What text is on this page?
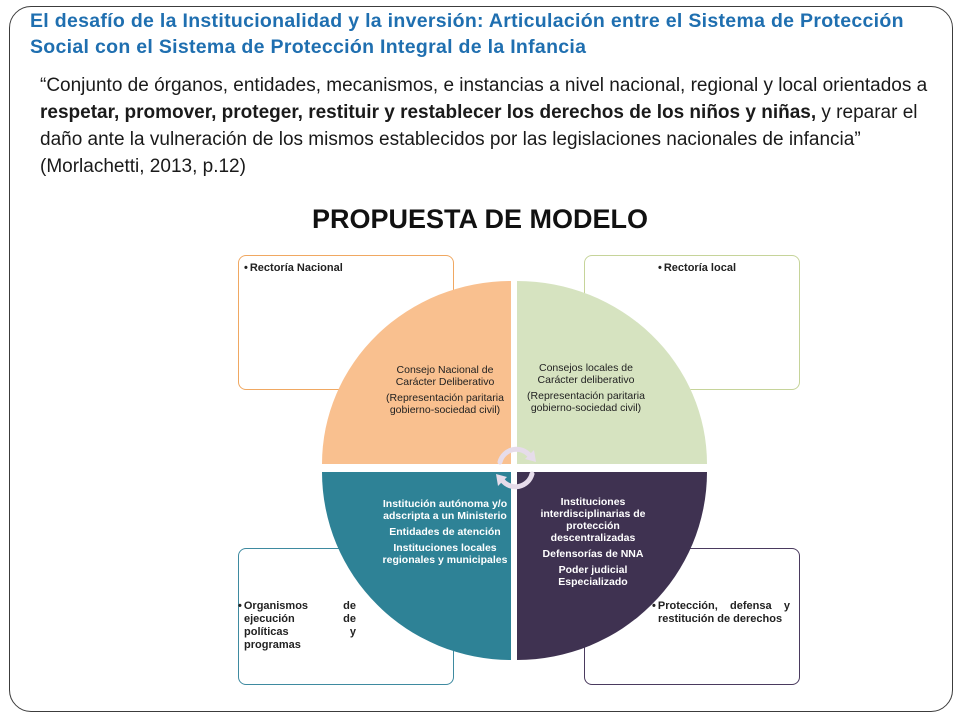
El desafío de la Institucionalidad y la inversión: Articulación entre el Sistema de Protección Social con el Sistema de Protección Integral de la Infancia

“Conjunto de órganos, entidades, mecanismos, e instancias a nivel nacional, regional y local orientados a respetar, promover, proteger, restituir y restablecer los derechos de los niños y niñas, y reparar el daño ante la vulneración de los mismos establecidos por las legislaciones nacionales de infancia” (Morlachetti, 2013, p.12)

PROPUESTA DE MODELO
• Rectoría Nacional
•	Rectoría local
• Organismos de ejecución de políticas y programas
• Protección, defensa y restitución de derechos

Consejo Nacional de Carácter Deliberativo

(Representación paritaria gobierno-sociedad civil)

Consejos locales de Carácter deliberativo

(Representación paritaria gobierno-sociedad civil)

Institución autónoma y/o adscripta a un Ministerio

Entidades de atención

Instituciones locales regionales y municipales

Instituciones interdisciplinarias de protección descentralizadas

Defensorías de NNA

Poder judicial Especializado
